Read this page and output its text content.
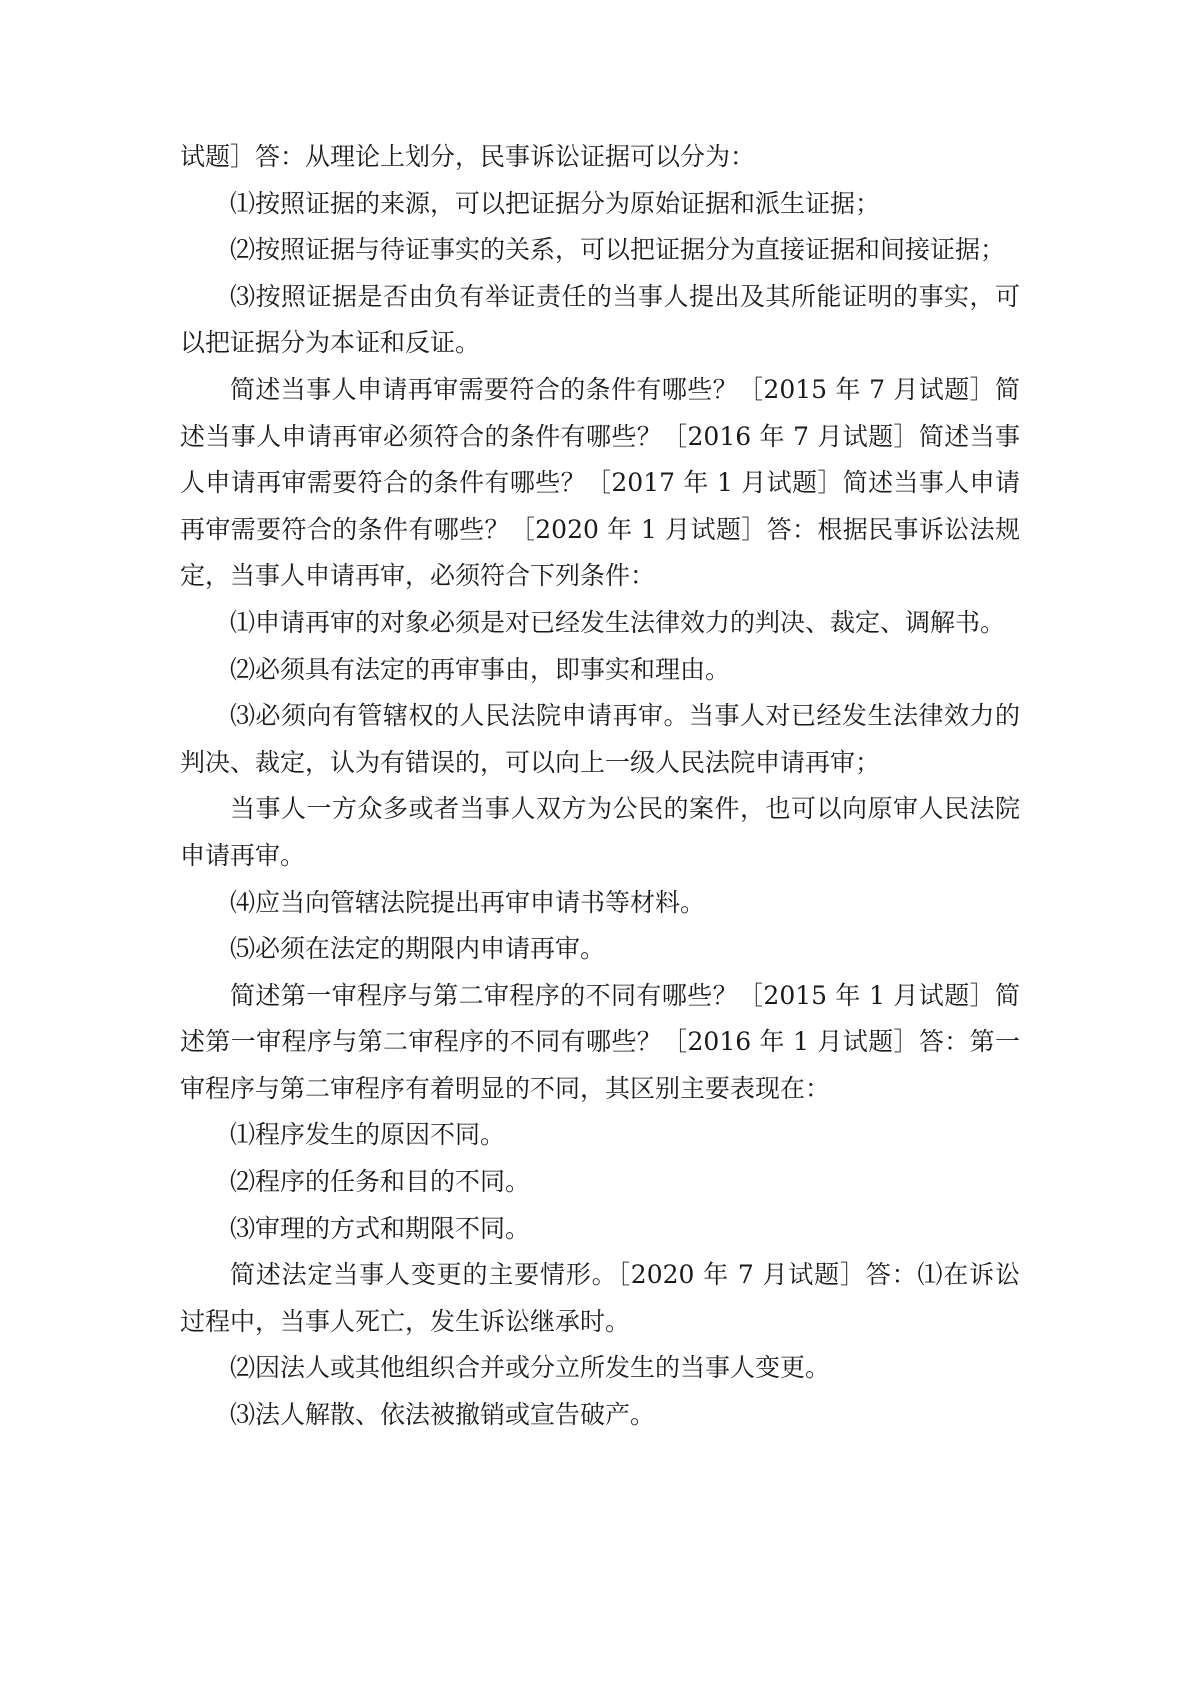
试题］答：从理论上划分，民事诉讼证据可以分为：

⑴按照证据的来源，可以把证据分为原始证据和派生证据；

⑵按照证据与待证事实的关系，可以把证据分为直接证据和间接证据；

⑶按照证据是否由负有举证责任的当事人提出及其所能证明的事实，可以把证据分为本证和反证。

简述当事人申请再审需要符合的条件有哪些？［2015 年 7 月试题］简述当事人申请再审必须符合的条件有哪些？［2016 年 7 月试题］简述当事人申请再审需要符合的条件有哪些？［2017 年 1 月试题］简述当事人申请再审需要符合的条件有哪些？［2020 年 1 月试题］答：根据民事诉讼法规定，当事人申请再审，必须符合下列条件：

⑴申请再审的对象必须是对已经发生法律效力的判决、裁定、调解书。

⑵必须具有法定的再审事由，即事实和理由。

⑶必须向有管辖权的人民法院申请再审。当事人对已经发生法律效力的判决、裁定，认为有错误的，可以向上一级人民法院申请再审；

当事人一方众多或者当事人双方为公民的案件，也可以向原审人民法院申请再审。

⑷应当向管辖法院提出再审申请书等材料。

⑸必须在法定的期限内申请再审。

简述第一审程序与第二审程序的不同有哪些？［2015 年 1 月试题］简述第一审程序与第二审程序的不同有哪些？［2016 年 1 月试题］答：第一审程序与第二审程序有着明显的不同，其区别主要表现在：

⑴程序发生的原因不同。

⑵程序的任务和目的不同。

⑶审理的方式和期限不同。

简述法定当事人变更的主要情形。［2020 年 7 月试题］答：⑴在诉讼过程中，当事人死亡，发生诉讼继承时。

⑵因法人或其他组织合并或分立所发生的当事人变更。

⑶法人解散、依法被撤销或宣告破产。
